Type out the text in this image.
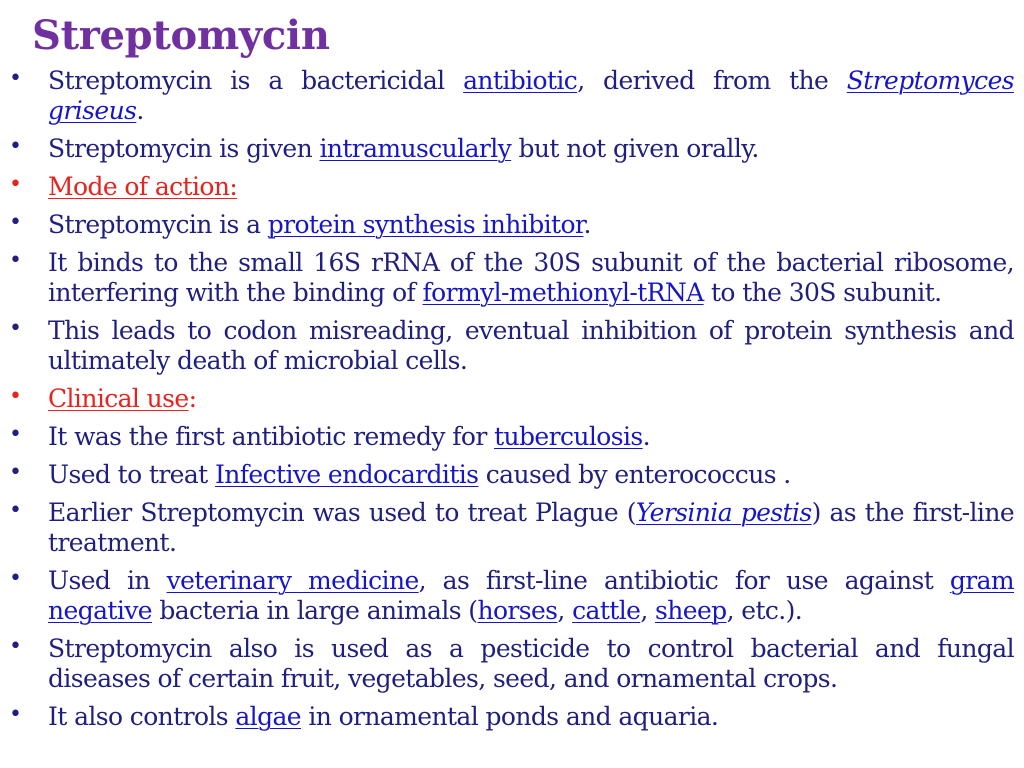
Streptomycin
• Streptomycin is a bactericidal antibiotic, derived from the Streptomyces griseus.
• Streptomycin is given intramuscularly but not given orally.
• Mode of action:
• Streptomycin is a protein synthesis inhibitor.
• It binds to the small 16S rRNA of the 30S subunit of the bacterial ribosome, interfering with the binding of formyl-methionyl-tRNA to the 30S subunit.
• This leads to codon misreading, eventual inhibition of protein synthesis and ultimately death of microbial cells.
• Clinical use:
• It was the first antibiotic remedy for tuberculosis.
• Used to treat Infective endocarditis caused by enterococcus .
• Earlier Streptomycin was used to treat Plague (Yersinia pestis) as the first-line treatment.
• Used in veterinary medicine, as first-line antibiotic for use against gram negative bacteria in large animals (horses, cattle, sheep, etc.).
• Streptomycin also is used as a pesticide to control bacterial and fungal diseases of certain fruit, vegetables, seed, and ornamental crops.
• It also controls algae in ornamental ponds and aquaria.
